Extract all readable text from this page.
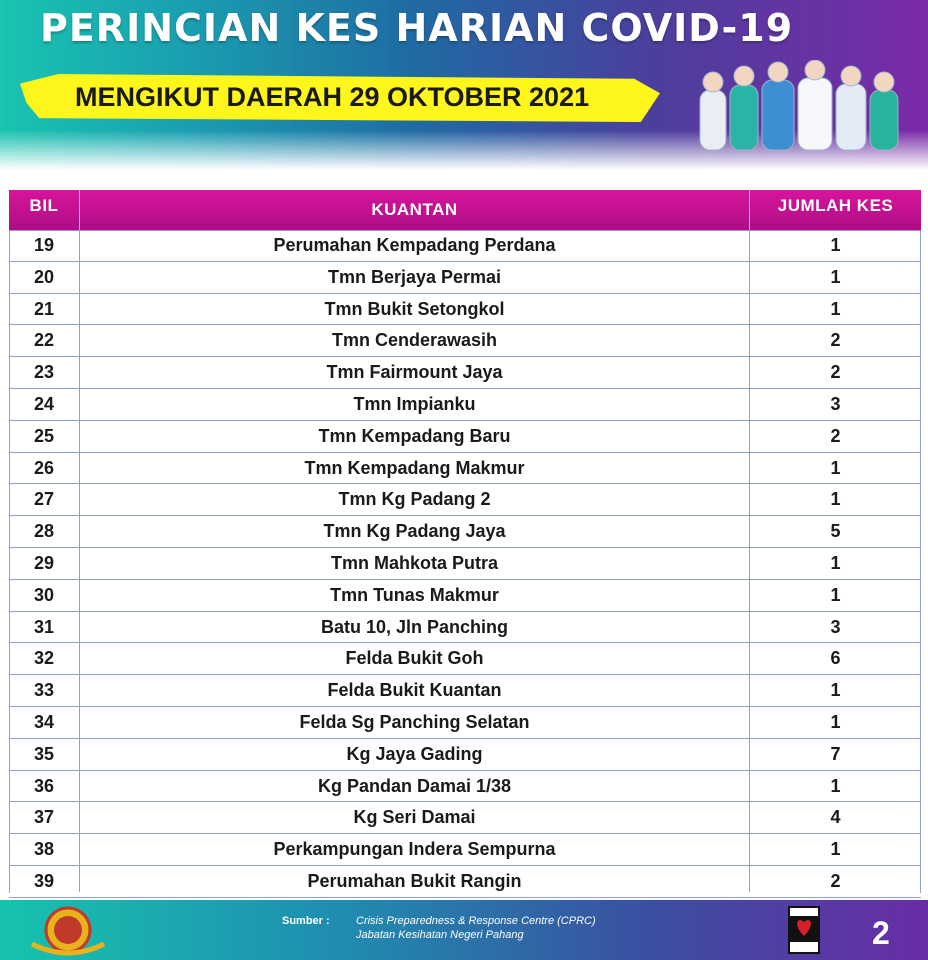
PERINCIAN KES HARIAN COVID-19
MENGIKUT DAERAH 29 OKTOBER 2021
BIL	KUANTAN	JUMLAH KES
19	Perumahan Kempadang Perdana	1
20	Tmn Berjaya Permai	1
21	Tmn Bukit Setongkol	1
22	Tmn Cenderawasih	2
23	Tmn Fairmount Jaya	2
24	Tmn Impianku	3
25	Tmn Kempadang Baru	2
26	Tmn Kempadang Makmur	1
27	Tmn Kg Padang 2	1
28	Tmn Kg Padang Jaya	5
29	Tmn Mahkota Putra	1
30	Tmn Tunas Makmur	1
31	Batu 10, Jln Panching	3
32	Felda Bukit Goh	6
33	Felda Bukit Kuantan	1
34	Felda Sg Panching Selatan	1
35	Kg Jaya Gading	7
36	Kg Pandan Damai 1/38	1
37	Kg Seri Damai	4
38	Perkampungan Indera Sempurna	1
39	Perumahan Bukit Rangin	2
Sumber : Crisis Preparedness & Response Centre (CPRC)
Jabatan Kesihatan Negeri Pahang	2
